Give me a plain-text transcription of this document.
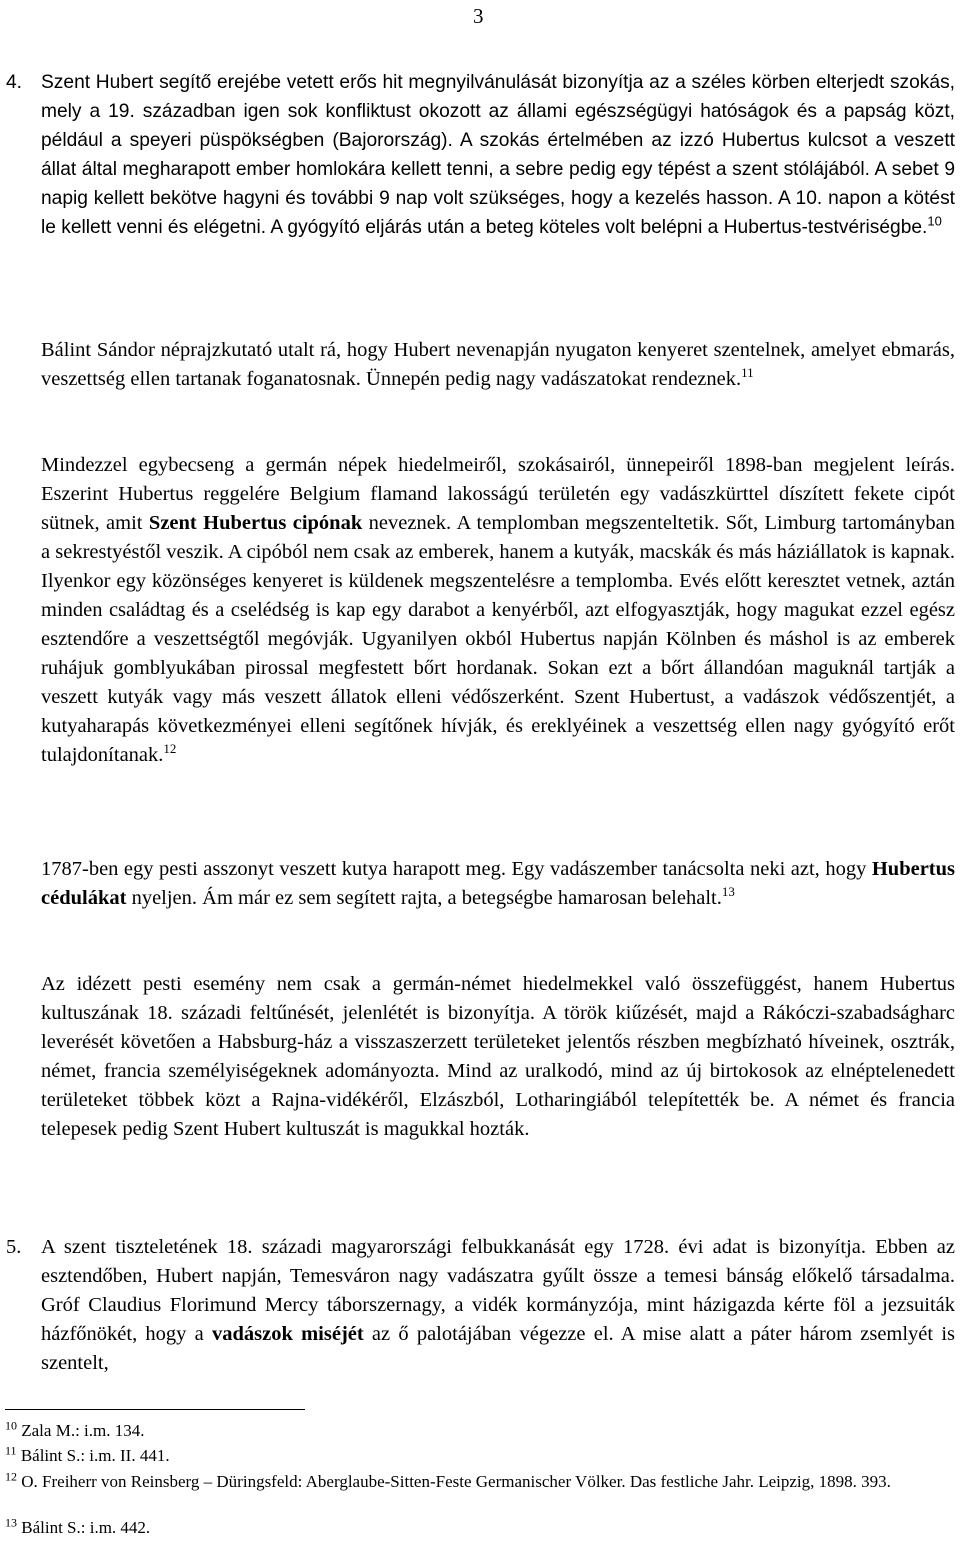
3
4. Szent Hubert segítő erejébe vetett erős hit megnyilvánulását bizonyítja az a széles körben elterjedt szokás, mely a 19. században igen sok konfliktust okozott az állami egészségügyi hatóságok és a papság közt, például a speyeri püspökségben (Bajorország). A szokás értelmében az izzó Hubertus kulcsot a veszett állat által megharapott ember homlokára kellett tenni, a sebre pedig egy tépést a szent stólájából. A sebet 9 napig kellett bekötve hagyni és további 9 nap volt szükséges, hogy a kezelés hasson. A 10. napon a kötést le kellett venni és elégetni. A gyógyító eljárás után a beteg köteles volt belépni a Hubertus-testvériségbe.$^{10}$

Bálint Sándor néprajzkutató utalt rá, hogy Hubert nevenapján nyugaton kenyeret szentelnek, amelyet ebmarás, veszettség ellen tartanak foganatosnak. Ünnepén pedig nagy vadászatokat rendeznek.$^{11}$

Mindezzel egybecseng a germán népek hiedelmeiről, szokásairól, ünnepeiről 1898-ban megjelent leírás. Eszerint Hubertus reggelére Belgium flamand lakosságú területén egy vadászkürttel díszített fekete cipót sütnek, amit Szent Hubertus cipónak neveznek. A templomban megszenteltetik. Sőt, Limburg tartományban a sekrestyéstől veszik. A cipóból nem csak az emberek, hanem a kutyák, macskák és más háziállatok is kapnak. Ilyenkor egy közönséges kenyeret is küldenek megszentelésre a templomba. Evés előtt keresztet vetnek, aztán minden családtag és a cselédség is kap egy darabot a kenyérből, azt elfogyasztják, hogy magukat ezzel egész esztendőre a veszettségtől megóvják. Ugyanilyen okból Hubertus napján Kölnben és máshol is az emberek ruhájuk gomblyukában pirossal megfestett bőrt hordanak. Sokan ezt a bőrt állandóan maguknál tartják a veszett kutyák vagy más veszett állatok elleni védőszerként. Szent Hubertust, a vadászok védőszentjét, a kutyaharapás következményei elleni segítőnek hívják, és ereklyéinek a veszettség ellen nagy gyógyító erőt tulajdonítanak.$^{12}$

1787-ben egy pesti asszonyt veszett kutya harapott meg. Egy vadászember tanácsolta neki azt, hogy Hubertus cédulákat nyeljen. Ám már ez sem segített rajta, a betegségbe hamarosan belehalt.$^{13}$

Az idézett pesti esemény nem csak a germán-német hiedelmekkel való összefüggést, hanem Hubertus kultuszának 18. századi feltűnését, jelenlétét is bizonyítja. A török kiűzését, majd a Rákóczi-szabadságharc leverését követően a Habsburg-ház a visszaszerzett területeket jelentős részben megbízható híveinek, osztrák, német, francia személyiségeknek adományozta. Mind az uralkodó, mind az új birtokosok az elnéptelenedett területeket többek közt a Rajna-vidékéről, Elzászból, Lotharingiából telepítették be. A német és francia telepesek pedig Szent Hubert kultuszát is magukkal hozták.

5. A szent tiszteletének 18. századi magyarországi felbukkanását egy 1728. évi adat is bizonyítja. Ebben az esztendőben, Hubert napján, Temesváron nagy vadászatra gyűlt össze a temesi bánság előkelő társadalma. Gróf Claudius Florimund Mercy táborszernagy, a vidék kormányzója, mint házigazda kérte föl a jezsuiták házfőnökét, hogy a vadászok miséjét az ő palotájában végezze el. A mise alatt a páter három zsemlyét is szentelt,

$^{10}$ Zala M.: i.m. 134.

$^{11}$ Bálint S.: i.m. II. 441.

$^{12}$ O. Freiherr von Reinsberg – Düringsfeld: Aberglaube-Sitten-Feste Germanischer Völker. Das festliche Jahr. Leipzig, 1898. 393.

$^{13}$ Bálint S.: i.m. 442.
